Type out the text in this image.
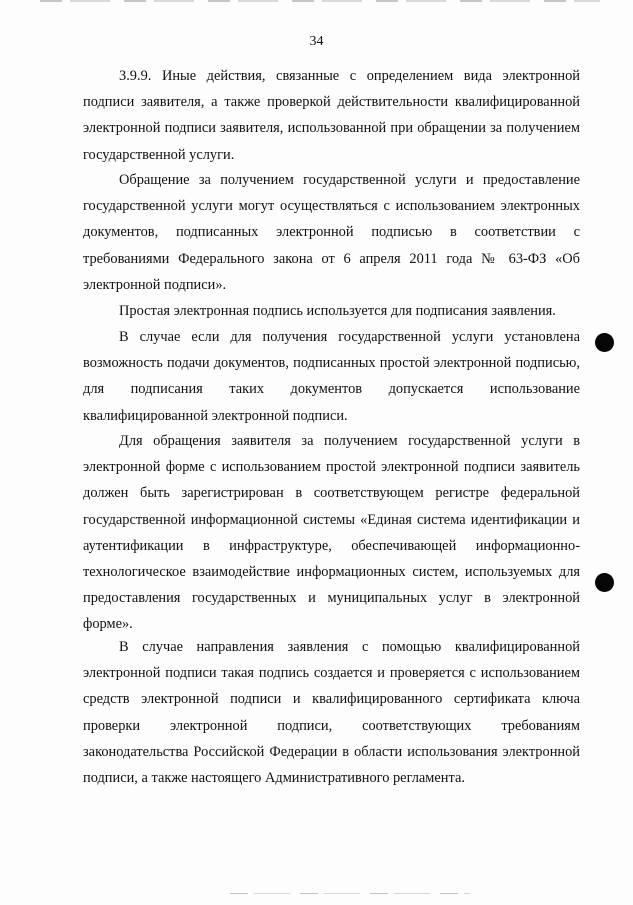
34

3.9.9. Иные действия, связанные с определением вида электронной подписи заявителя, а также проверкой действительности квалифицированной электронной подписи заявителя, использованной при обращении за получением государственной услуги.

Обращение за получением государственной услуги и предоставление государственной услуги могут осуществляться с использованием электронных документов, подписанных электронной подписью в соответствии с требованиями Федерального закона от 6 апреля 2011 года № 63-ФЗ «Об электронной подписи».

Простая электронная подпись используется для подписания заявления.

В случае если для получения государственной услуги установлена возможность подачи документов, подписанных простой электронной подписью, для подписания таких документов допускается использование квалифицированной электронной подписи.

Для обращения заявителя за получением государственной услуги в электронной форме с использованием простой электронной подписи заявитель должен быть зарегистрирован в соответствующем регистре федеральной государственной информационной системы «Единая система идентификации и аутентификации в инфраструктуре, обеспечивающей информационно-технологическое взаимодействие информационных систем, используемых для предоставления государственных и муниципальных услуг в электронной форме».

В случае направления заявления с помощью квалифицированной электронной подписи такая подпись создается и проверяется с использованием средств электронной подписи и квалифицированного сертификата ключа проверки электронной подписи, соответствующих требованиям законодательства Российской Федерации в области использования электронной подписи, а также настоящего Административного регламента.
